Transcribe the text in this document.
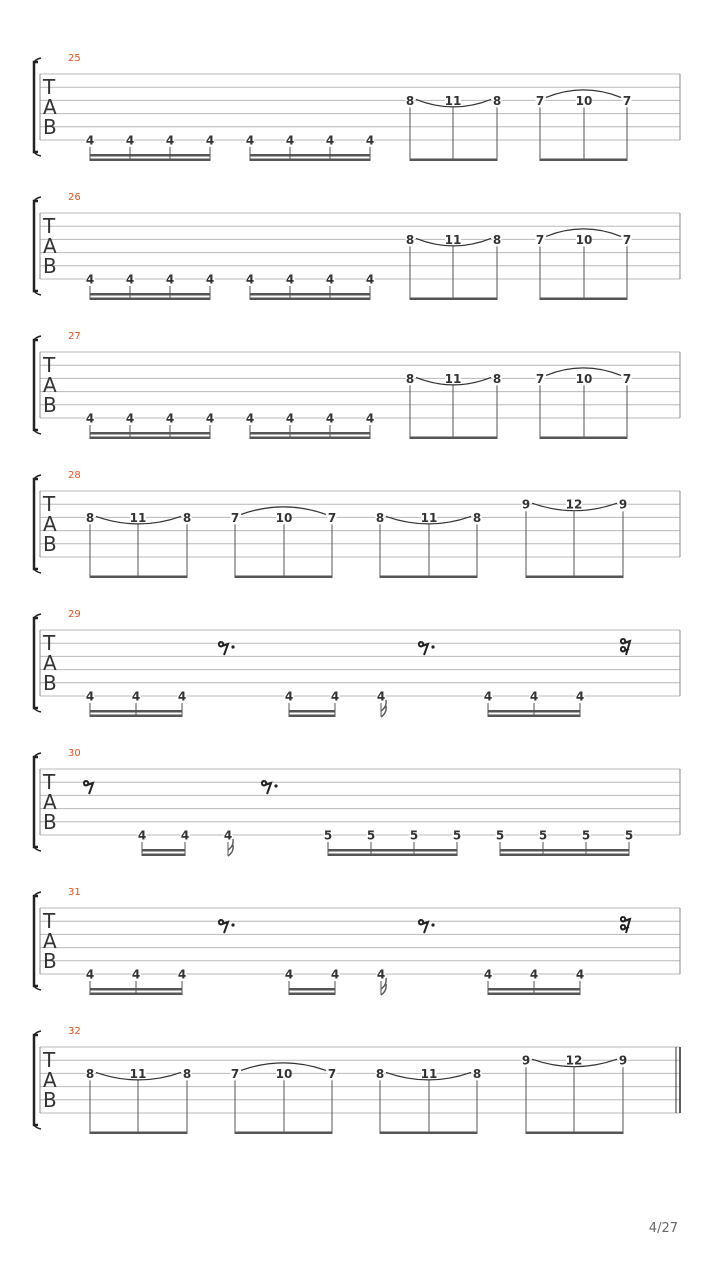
25
T
A
B
4	4	4	4	4	4	4	4
8	11	8	7	10	7
26
T
A
B
4	4	4	4	4	4	4	4
8	11	8	7	10	7
27
T
A
B
4	4	4	4	4	4	4	4
8	11	8	7	10	7
28
T
A
B
8	11	8	7	10	7	8	11	8
9	12	9
29
T
A
B
4	4	4	4	4	4	4	4	4
30
T
A
B
4	4	4	5	5	5	5	5	5	5	5
31
T
A
B
4	4	4	4	4	4	4	4	4
32
T
A
B
8	11	8	7	10	7	8	11	8
9	12	9
4/27
